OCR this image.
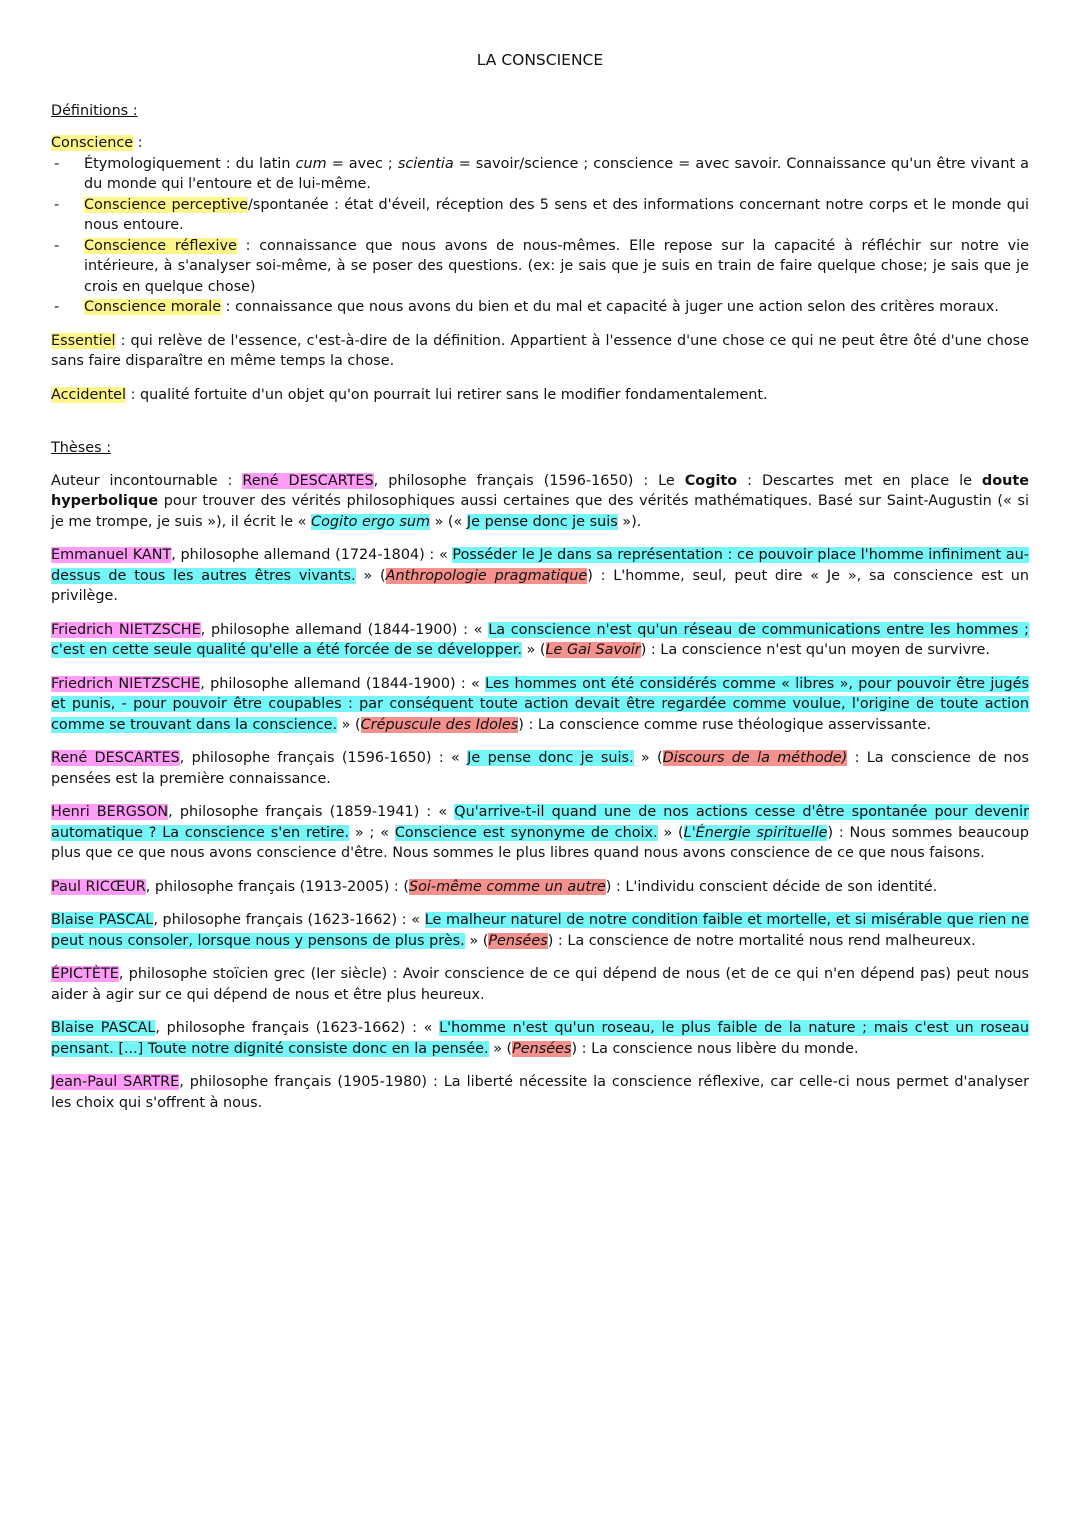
LA CONSCIENCE
Définitions :
Conscience :
- Étymologiquement : du latin cum = avec ; scientia = savoir/science ; conscience = avec savoir. Connaissance qu'un être vivant a du monde qui l'entoure et de lui-même.
- Conscience perceptive/spontanée : état d'éveil, réception des 5 sens et des informations concernant notre corps et le monde qui nous entoure.
- Conscience réflexive : connaissance que nous avons de nous-mêmes. Elle repose sur la capacité à réfléchir sur notre vie intérieure, à s'analyser soi-même, à se poser des questions. (ex: je sais que je suis en train de faire quelque chose; je sais que je crois en quelque chose)
- Conscience morale : connaissance que nous avons du bien et du mal et capacité à juger une action selon des critères moraux.

Essentiel : qui relève de l'essence, c'est-à-dire de la définition. Appartient à l'essence d'une chose ce qui ne peut être ôté d'une chose sans faire disparaître en même temps la chose.

Accidentel : qualité fortuite d'un objet qu'on pourrait lui retirer sans le modifier fondamentalement.

Thèses :

Auteur incontournable : René DESCARTES, philosophe français (1596-1650) : Le Cogito : Descartes met en place le doute hyperbolique pour trouver des vérités philosophiques aussi certaines que des vérités mathématiques. Basé sur Saint-Augustin (« si je me trompe, je suis »), il écrit le « Cogito ergo sum » (« Je pense donc je suis »).

Emmanuel KANT, philosophe allemand (1724-1804) : « Posséder le Je dans sa représentation : ce pouvoir place l'homme infiniment au-dessus de tous les autres êtres vivants. » (Anthropologie pragmatique) : L'homme, seul, peut dire « Je », sa conscience est un privilège.

Friedrich NIETZSCHE, philosophe allemand (1844-1900) : « La conscience n'est qu'un réseau de communications entre les hommes ; c'est en cette seule qualité qu'elle a été forcée de se développer. » (Le Gai Savoir) : La conscience n'est qu'un moyen de survivre.

Friedrich NIETZSCHE, philosophe allemand (1844-1900) : « Les hommes ont été considérés comme « libres », pour pouvoir être jugés et punis, - pour pouvoir être coupables : par conséquent toute action devait être regardée comme voulue, l'origine de toute action comme se trouvant dans la conscience. » (Crépuscule des Idoles) : La conscience comme ruse théologique asservissante.

René DESCARTES, philosophe français (1596-1650) : « Je pense donc je suis. » (Discours de la méthode) : La conscience de nos pensées est la première connaissance.

Henri BERGSON, philosophe français (1859-1941) : « Qu'arrive-t-il quand une de nos actions cesse d'être spontanée pour devenir automatique ? La conscience s'en retire. » ; « Conscience est synonyme de choix. » (L'Énergie spirituelle) : Nous sommes beaucoup plus que ce que nous avons conscience d'être. Nous sommes le plus libres quand nous avons conscience de ce que nous faisons.

Paul RICŒUR, philosophe français (1913-2005) : (Soi-même comme un autre) : L'individu conscient décide de son identité.

Blaise PASCAL, philosophe français (1623-1662) : « Le malheur naturel de notre condition faible et mortelle, et si misérable que rien ne peut nous consoler, lorsque nous y pensons de plus près. » (Pensées) : La conscience de notre mortalité nous rend malheureux.

ÉPICTÈTE, philosophe stoïcien grec (Ier siècle) : Avoir conscience de ce qui dépend de nous (et de ce qui n'en dépend pas) peut nous aider à agir sur ce qui dépend de nous et être plus heureux.

Blaise PASCAL, philosophe français (1623-1662) : « L'homme n'est qu'un roseau, le plus faible de la nature ; mais c'est un roseau pensant. [...] Toute notre dignité consiste donc en la pensée. » (Pensées) : La conscience nous libère du monde.

Jean-Paul SARTRE, philosophe français (1905-1980) : La liberté nécessite la conscience réflexive, car celle-ci nous permet d'analyser les choix qui s'offrent à nous.
